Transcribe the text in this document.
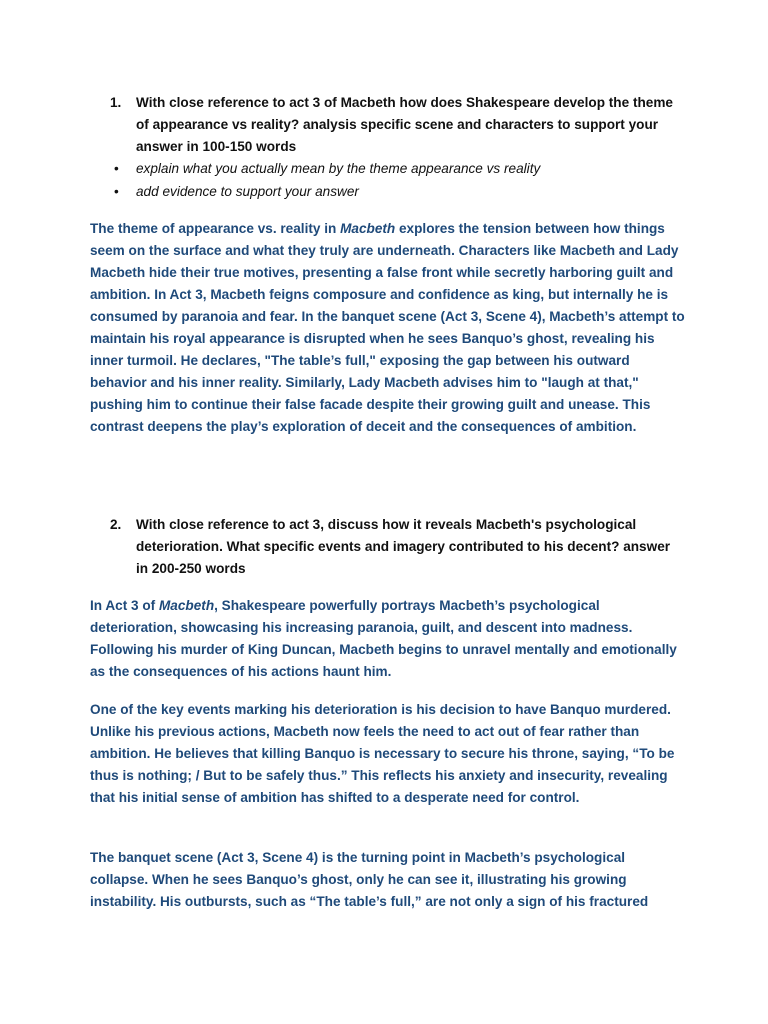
1. With close reference to act 3 of Macbeth how does Shakespeare develop the theme of appearance vs reality? analysis specific scene and characters to support your answer in 100-150 words
• explain what you actually mean by the theme appearance vs reality
• add evidence to support your answer

The theme of appearance vs. reality in Macbeth explores the tension between how things seem on the surface and what they truly are underneath. Characters like Macbeth and Lady Macbeth hide their true motives, presenting a false front while secretly harboring guilt and ambition. In Act 3, Macbeth feigns composure and confidence as king, but internally he is consumed by paranoia and fear. In the banquet scene (Act 3, Scene 4), Macbeth’s attempt to maintain his royal appearance is disrupted when he sees Banquo’s ghost, revealing his inner turmoil. He declares, "The table’s full," exposing the gap between his outward behavior and his inner reality. Similarly, Lady Macbeth advises him to "laugh at that," pushing him to continue their false facade despite their growing guilt and unease. This contrast deepens the play’s exploration of deceit and the consequences of ambition.

2. With close reference to act 3, discuss how it reveals Macbeth's psychological deterioration. What specific events and imagery contributed to his decent? answer in 200-250 words

In Act 3 of Macbeth, Shakespeare powerfully portrays Macbeth’s psychological deterioration, showcasing his increasing paranoia, guilt, and descent into madness. Following his murder of King Duncan, Macbeth begins to unravel mentally and emotionally as the consequences of his actions haunt him.

One of the key events marking his deterioration is his decision to have Banquo murdered. Unlike his previous actions, Macbeth now feels the need to act out of fear rather than ambition. He believes that killing Banquo is necessary to secure his throne, saying, “To be thus is nothing; / But to be safely thus.” This reflects his anxiety and insecurity, revealing that his initial sense of ambition has shifted to a desperate need for control.

The banquet scene (Act 3, Scene 4) is the turning point in Macbeth’s psychological collapse. When he sees Banquo’s ghost, only he can see it, illustrating his growing instability. His outbursts, such as “The table’s full,” are not only a sign of his fractured
